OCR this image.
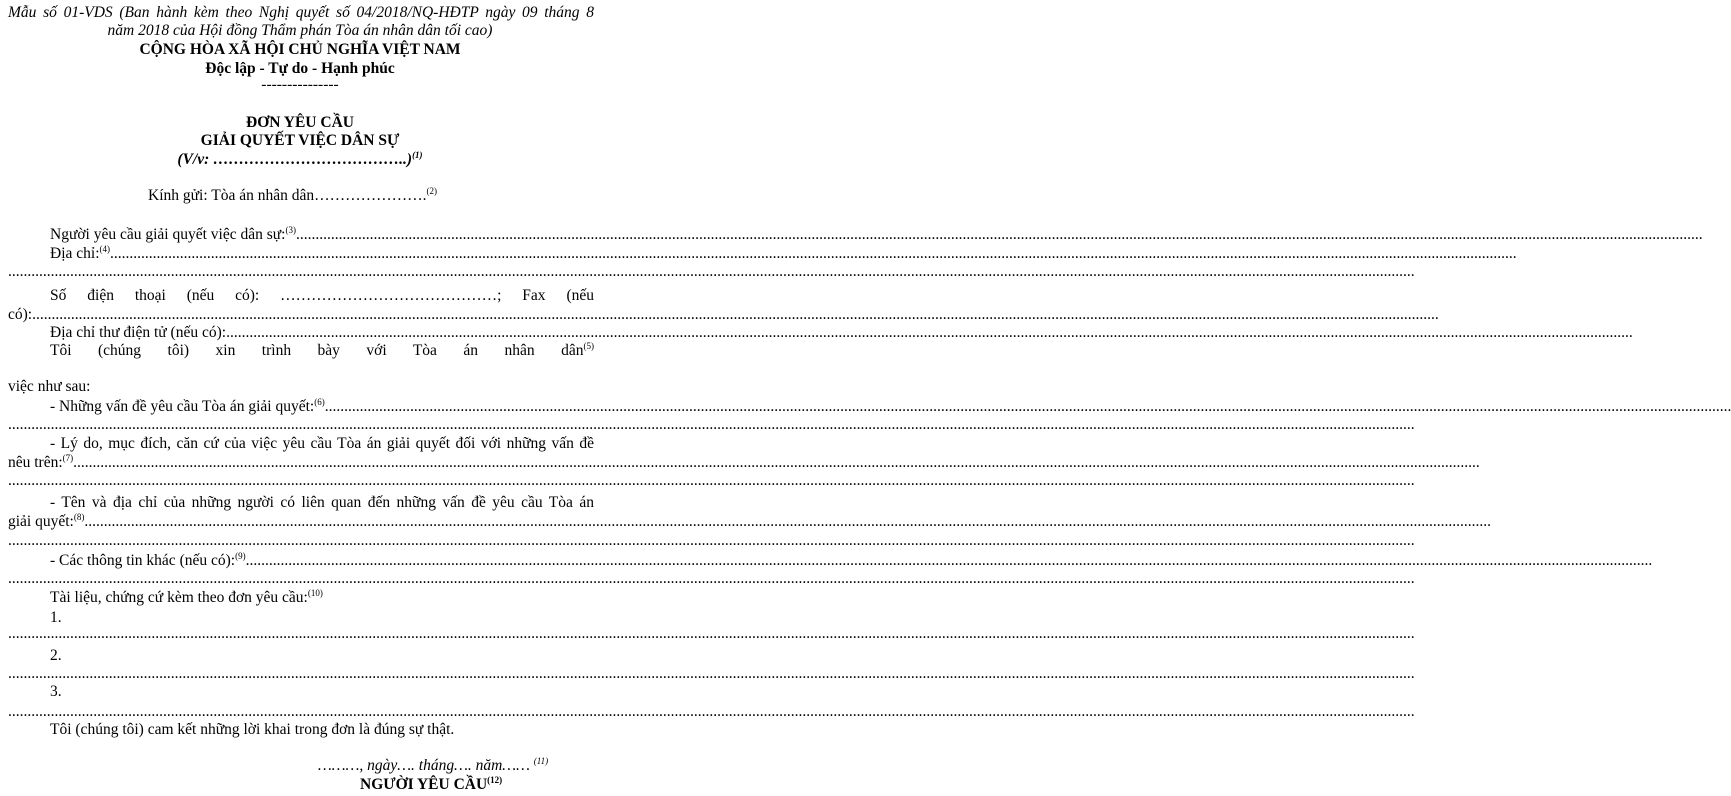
Mẫu số 01-VDS (Ban hành kèm theo Nghị quyết số 04/2018/NQ-HĐTP ngày 09 tháng 8
năm 2018 của Hội đồng Thẩm phán Tòa án nhân dân tối cao)
CỘNG HÒA XÃ HỘI CHỦ NGHĨA VIỆT NAM
Độc lập - Tự do - Hạnh phúc
---------------
ĐƠN YÊU CẦU
GIẢI QUYẾT VIỆC DÂN SỰ
(V/v: ………………………………..)$^{(1)}$
Kính gửi: Tòa án nhân dân………………….$^{(2)}$
Người yêu cầu giải quyết việc dân sự:$^{(3)}$...........................................................................................................................................................................................................................................................................................................................................................................
Địa chỉ:$^{(4)}$...........................................................................................................................................................................................................................................................................................................................................................................
...........................................................................................................................................................................................................................................................................................................................................................................
Số điện thoại (nếu có): ……………………………………; Fax (nếu
có):...........................................................................................................................................................................................................................................................................................................................................................................
Địa chỉ thư điện tử (nếu có):...........................................................................................................................................................................................................................................................................................................................................................................
Tôi (chúng tôi) xin trình bày với Tòa án nhân dân$^{(5)}$
việc như sau:
- Những vấn đề yêu cầu Tòa án giải quyết:$^{(6)}$...........................................................................................................................................................................................................................................................................................................................................................................
...........................................................................................................................................................................................................................................................................................................................................................................
- Lý do, mục đích, căn cứ của việc yêu cầu Tòa án giải quyết đối với những vấn đề
nêu trên:$^{(7)}$...........................................................................................................................................................................................................................................................................................................................................................................
...........................................................................................................................................................................................................................................................................................................................................................................
- Tên và địa chỉ của những người có liên quan đến những vấn đề yêu cầu Tòa án
giải quyết:$^{(8)}$...........................................................................................................................................................................................................................................................................................................................................................................
...........................................................................................................................................................................................................................................................................................................................................................................
- Các thông tin khác (nếu có):$^{(9)}$...........................................................................................................................................................................................................................................................................................................................................................................
...........................................................................................................................................................................................................................................................................................................................................................................
Tài liệu, chứng cứ kèm theo đơn yêu cầu:$^{(10)}$
1.
...........................................................................................................................................................................................................................................................................................................................................................................
2.
...........................................................................................................................................................................................................................................................................................................................................................................
3.
...........................................................................................................................................................................................................................................................................................................................................................................
Tôi (chúng tôi) cam kết những lời khai trong đơn là đúng sự thật.
………, ngày…. tháng…. năm…… $^{(11)}$
NGƯỜI YÊU CẦU$^{(12)}$
